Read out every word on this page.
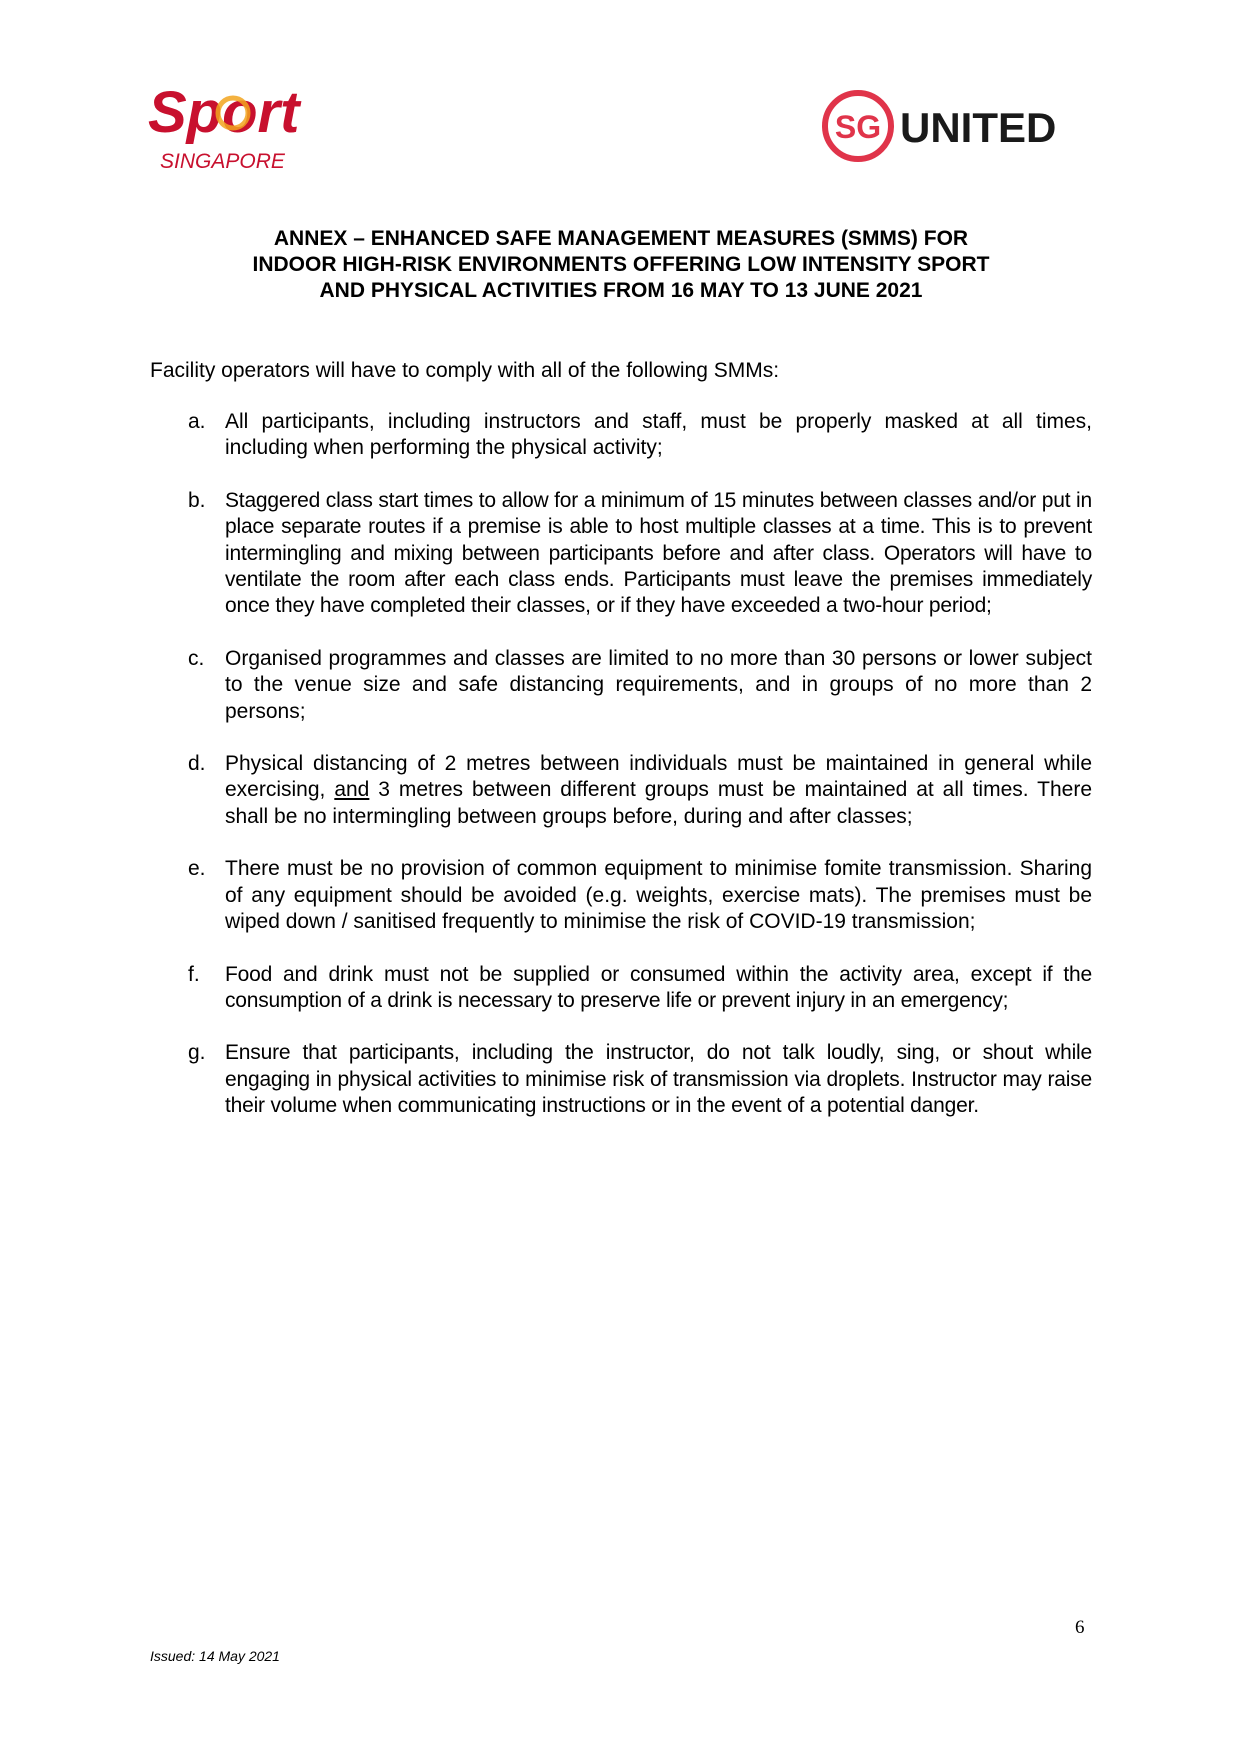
Sport
SINGAPORE
SG UNITED
ANNEX – ENHANCED SAFE MANAGEMENT MEASURES (SMMS) FOR
INDOOR HIGH-RISK ENVIRONMENTS OFFERING LOW INTENSITY SPORT
AND PHYSICAL ACTIVITIES FROM 16 MAY TO 13 JUNE 2021
Facility operators will have to comply with all of the following SMMs:
a. All participants, including instructors and staff, must be properly masked at all times, including when performing the physical activity;
b. Staggered class start times to allow for a minimum of 15 minutes between classes and/or put in place separate routes if a premise is able to host multiple classes at a time. This is to prevent intermingling and mixing between participants before and after class. Operators will have to ventilate the room after each class ends. Participants must leave the premises immediately once they have completed their classes, or if they have exceeded a two-hour period;
c. Organised programmes and classes are limited to no more than 30 persons or lower subject to the venue size and safe distancing requirements, and in groups of no more than 2 persons;
d. Physical distancing of 2 metres between individuals must be maintained in general while exercising, and 3 metres between different groups must be maintained at all times. There shall be no intermingling between groups before, during and after classes;
e. There must be no provision of common equipment to minimise fomite transmission. Sharing of any equipment should be avoided (e.g. weights, exercise mats). The premises must be wiped down / sanitised frequently to minimise the risk of COVID-19 transmission;
f.	Food and drink must not be supplied or consumed within the activity area, except if the consumption of a drink is necessary to preserve life or prevent injury in an emergency;
g. Ensure that participants, including the instructor, do not talk loudly, sing, or shout while engaging in physical activities to minimise risk of transmission via droplets. Instructor may raise their volume when communicating instructions or in the event of a potential danger.
6
Issued: 14 May 2021
